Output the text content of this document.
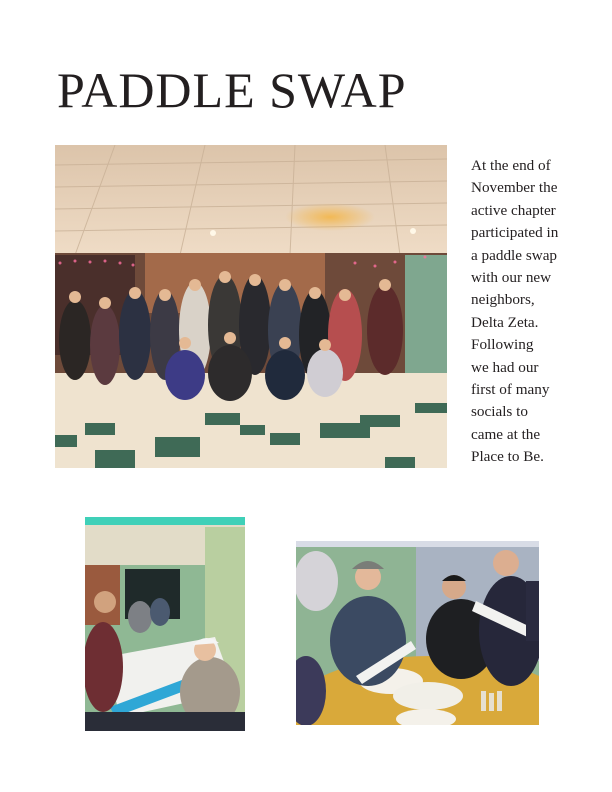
PADDLE SWAP
At the end of
November the
active chapter
participated in
a paddle swap
with our new
neighbors,
Delta Zeta.
Following
we had our
first of many
socials to
came at the
Place to Be.
